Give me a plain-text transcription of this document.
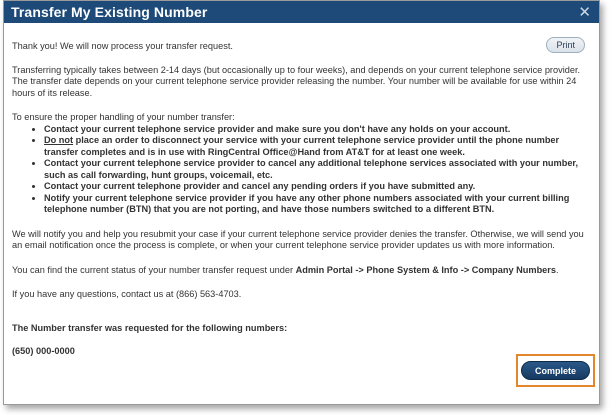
Transfer My Existing Number	✕
Print

Thank you! We will now process your transfer request.

Transferring typically takes between 2-14 days (but occasionally up to four weeks), and depends on your current telephone service provider. The transfer date depends on your current telephone service provider releasing the number. Your number will be available for use within 24 hours of its release.

To ensure the proper handling of your number transfer:
• Contact your current telephone service provider and make sure you don't have any holds on your account.
• Do not place an order to disconnect your service with your current telephone service provider until the phone number transfer completes and is in use with RingCentral Office@Hand from AT&T for at least one week.
• Contact your current telephone service provider to cancel any additional telephone services associated with your number, such as call forwarding, hunt groups, voicemail, etc.
• Contact your current telephone provider and cancel any pending orders if you have submitted any.
• Notify your current telephone service provider if you have any other phone numbers associated with your current billing telephone number (BTN) that you are not porting, and have those numbers switched to a different BTN.

We will notify you and help you resubmit your case if your current telephone service provider denies the transfer. Otherwise, we will send you an email notification once the process is complete, or when your current telephone service provider updates us with more information.

You can find the current status of your number transfer request under Admin Portal -> Phone System & Info -> Company Numbers.

If you have any questions, contact us at (866) 563-4703.

The Number transfer was requested for the following numbers:

(650) 000-0000
Complete
